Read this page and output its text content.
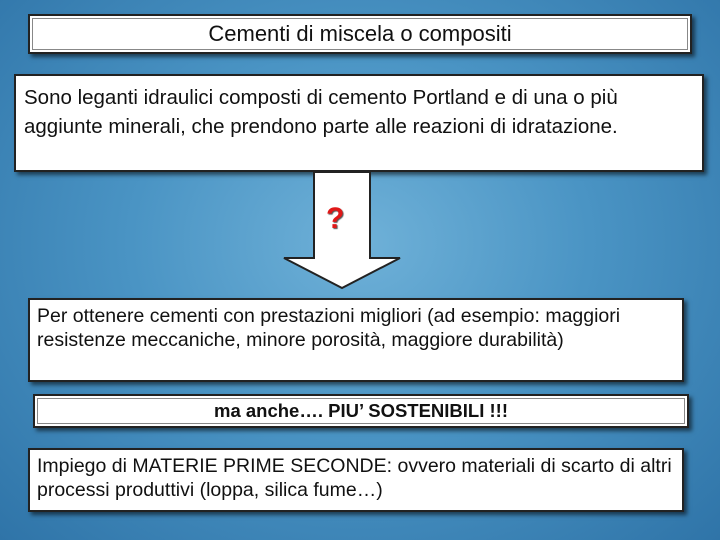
Cementi di miscela o compositi
Sono leganti idraulici composti di cemento Portland e di una o più aggiunte minerali, che prendono parte alle reazioni di idratazione.
?
Per ottenere cementi con prestazioni migliori (ad esempio: maggiori resistenze meccaniche, minore porosità, maggiore durabilità)
ma anche…. PIU’ SOSTENIBILI !!!
Impiego di MATERIE PRIME SECONDE: ovvero materiali di scarto di altri processi produttivi (loppa, silica fume…)
